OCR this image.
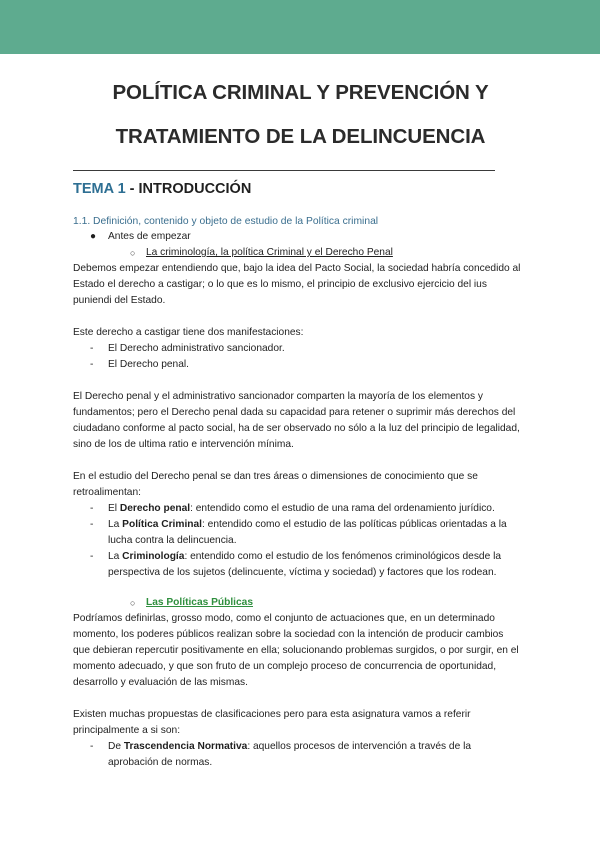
POLÍTICA CRIMINAL Y PREVENCIÓN Y
TRATAMIENTO DE LA DELINCUENCIA
TEMA 1 - INTRODUCCIÓN
1.1. Definición, contenido y objeto de estudio de la Política criminal
● Antes de empezar
○ La criminología, la política Criminal y el Derecho Penal
Debemos empezar entendiendo que, bajo la idea del Pacto Social, la sociedad habría concedido al
Estado el derecho a castigar; o lo que es lo mismo, el principio de exclusivo ejercicio del ius
puniendi del Estado.
Este derecho a castigar tiene dos manifestaciones:
- El Derecho administrativo sancionador.
- El Derecho penal.
El Derecho penal y el administrativo sancionador comparten la mayoría de los elementos y
fundamentos; pero el Derecho penal dada su capacidad para retener o suprimir más derechos del
ciudadano conforme al pacto social, ha de ser observado no sólo a la luz del principio de legalidad,
sino de los de ultima ratio e intervención mínima.
En el estudio del Derecho penal se dan tres áreas o dimensiones de conocimiento que se
retroalimentan:
- El Derecho penal: entendido como el estudio de una rama del ordenamiento jurídico.
- La Política Criminal: entendido como el estudio de las políticas públicas orientadas a la
lucha contra la delincuencia.
- La Criminología: entendido como el estudio de los fenómenos criminológicos desde la
perspectiva de los sujetos (delincuente, víctima y sociedad) y factores que los rodean.
○ Las Políticas Públicas
Podríamos definirlas, grosso modo, como el conjunto de actuaciones que, en un determinado
momento, los poderes públicos realizan sobre la sociedad con la intención de producir cambios
que debieran repercutir positivamente en ella; solucionando problemas surgidos, o por surgir, en el
momento adecuado, y que son fruto de un complejo proceso de concurrencia de oportunidad,
desarrollo y evaluación de las mismas.
Existen muchas propuestas de clasificaciones pero para esta asignatura vamos a referir
principalmente a si son:
- De Trascendencia Normativa: aquellos procesos de intervención a través de la
aprobación de normas.
